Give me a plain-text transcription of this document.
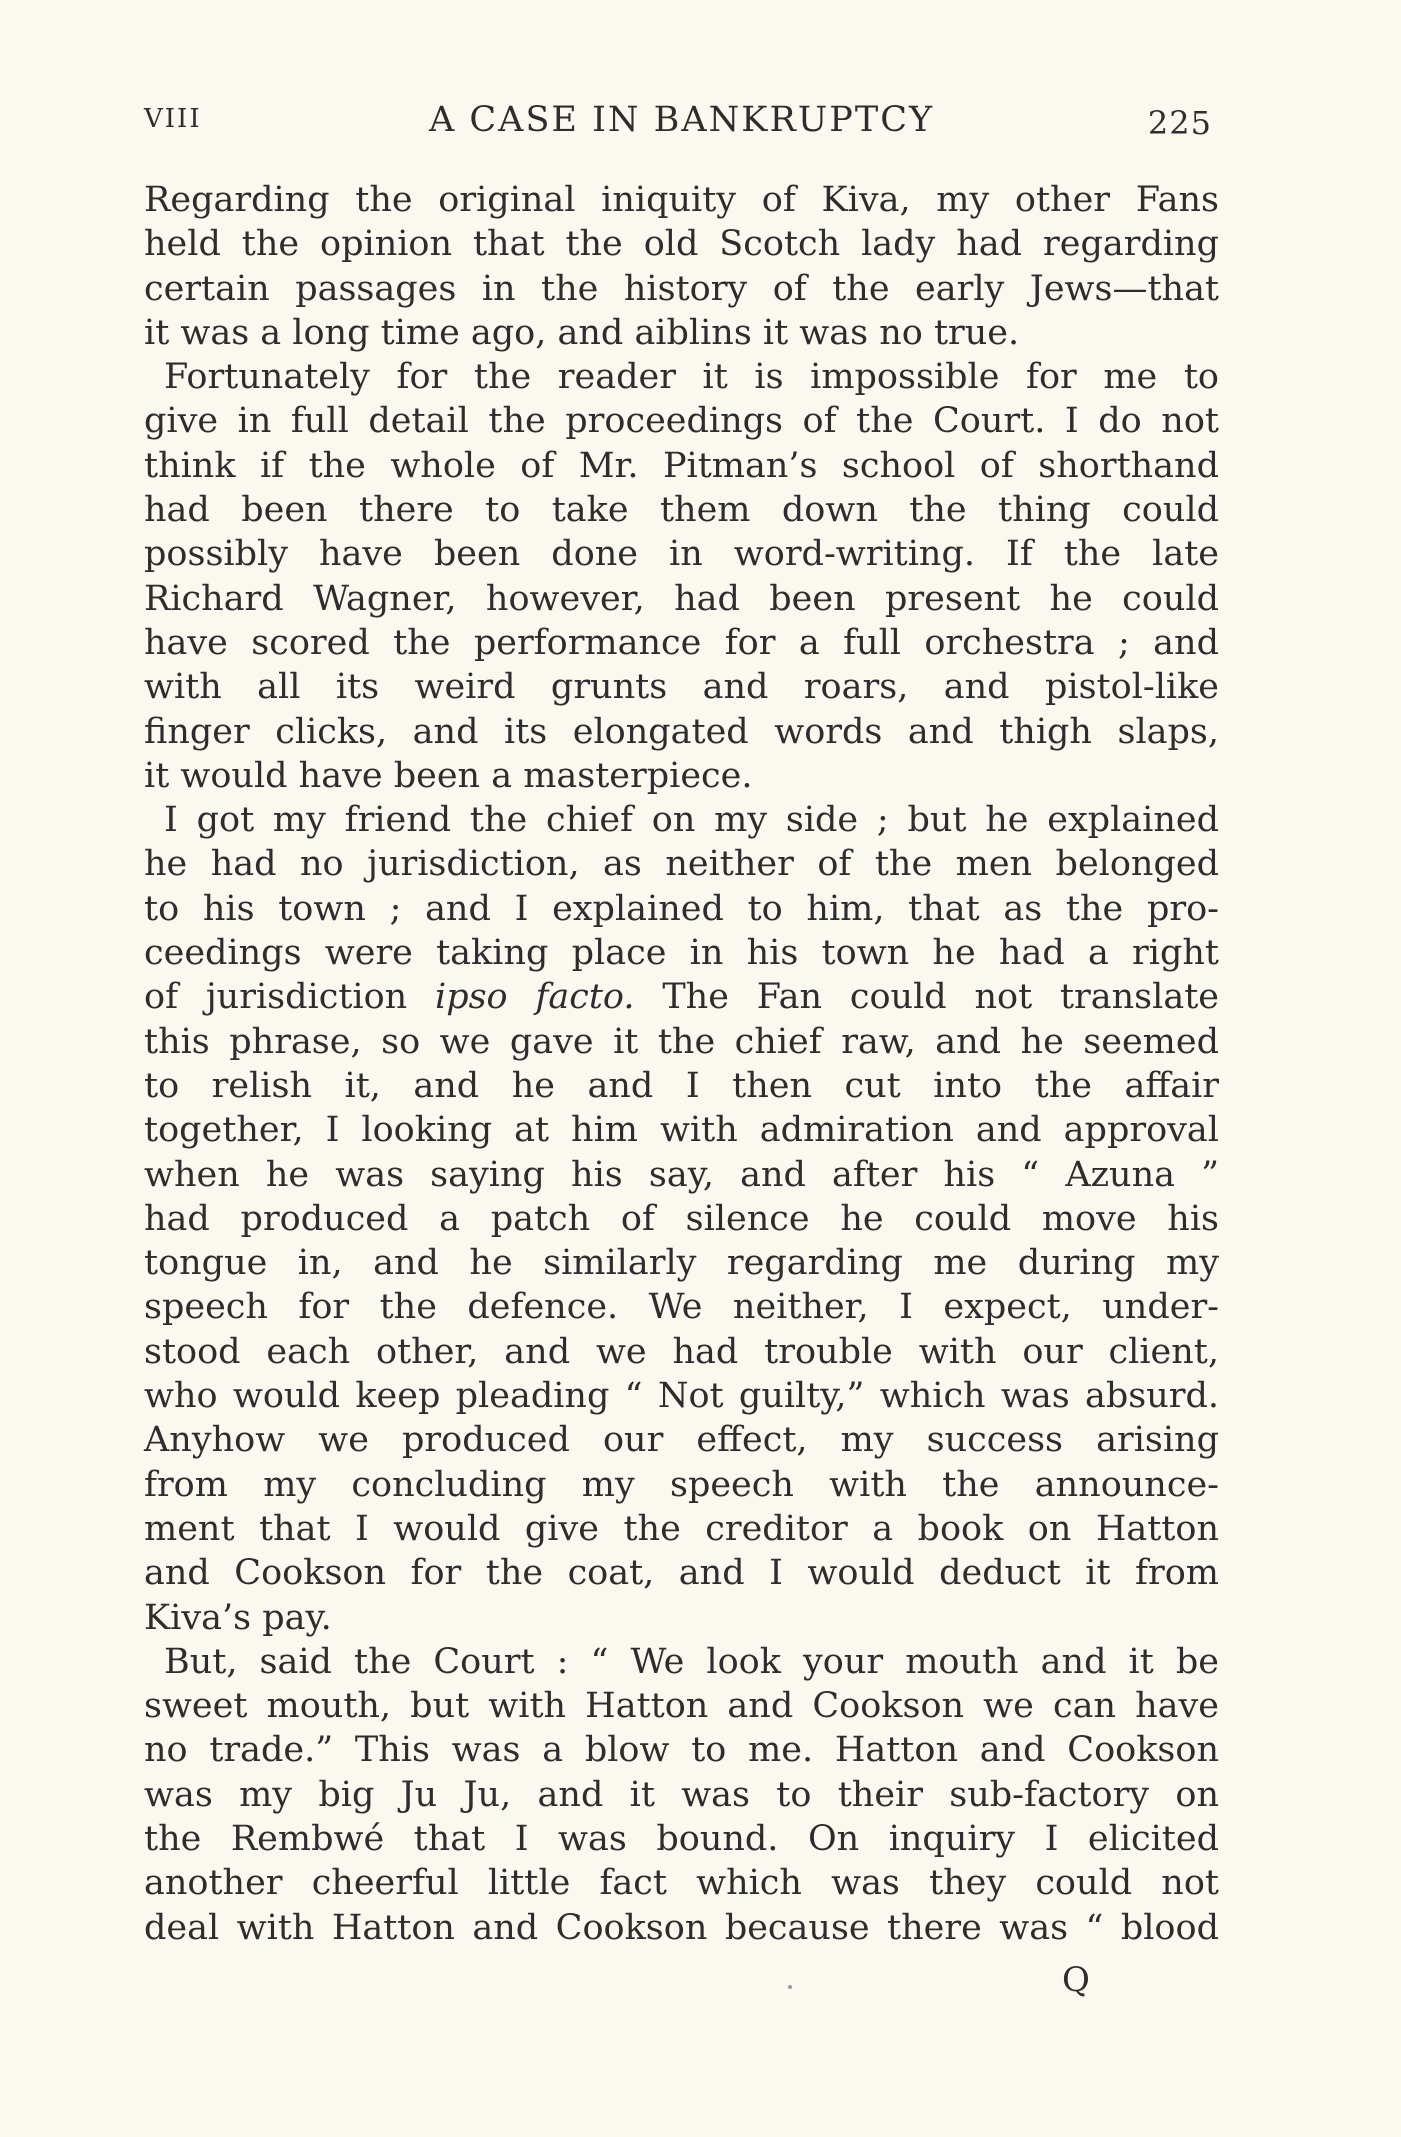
VIII	A CASE IN BANKRUPTCY	225
Regarding the original iniquity of Kiva, my other Fans
held the opinion that the old Scotch lady had regarding
certain passages in the history of the early Jews—that
it was a long time ago, and aiblins it was no true.
Fortunately for the reader it is impossible for me to
give in full detail the proceedings of the Court. I do not
think if the whole of Mr. Pitman’s school of shorthand
had been there to take them down the thing could
possibly have been done in word-writing. If the late
Richard Wagner, however, had been present he could
have scored the performance for a full orchestra ; and
with all its weird grunts and roars, and pistol-like
finger clicks, and its elongated words and thigh slaps,
it would have been a masterpiece.
I got my friend the chief on my side ; but he explained
he had no jurisdiction, as neither of the men belonged
to his town ; and I explained to him, that as the pro-
ceedings were taking place in his town he had a right
of jurisdiction ipso facto. The Fan could not translate
this phrase, so we gave it the chief raw, and he seemed
to relish it, and he and I then cut into the affair
together, I looking at him with admiration and approval
when he was saying his say, and after his “ Azuna ”
had produced a patch of silence he could move his
tongue in, and he similarly regarding me during my
speech for the defence. We neither, I expect, under-
stood each other, and we had trouble with our client,
who would keep pleading “ Not guilty,” which was absurd.
Anyhow we produced our effect, my success arising
from my concluding my speech with the announce-
ment that I would give the creditor a book on Hatton
and Cookson for the coat, and I would deduct it from
Kiva’s pay.
But, said the Court : “ We look your mouth and it be
sweet mouth, but with Hatton and Cookson we can have
no trade.” This was a blow to me. Hatton and Cookson
was my big Ju Ju, and it was to their sub-factory on
the Rembwé that I was bound. On inquiry I elicited
another cheerful little fact which was they could not
deal with Hatton and Cookson because there was “ blood
Q
